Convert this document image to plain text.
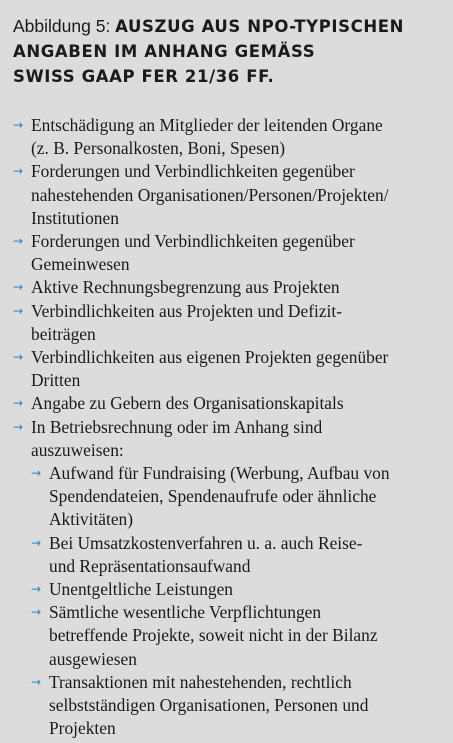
Abbildung 5: AUSZUG AUS NPO-TYPISCHEN
ANGABEN IM ANHANG GEMÄSS
SWISS GAAP FER 21/36 FF.
→ Entschädigung an Mitglieder der leitenden Organe
(z. B. Personalkosten, Boni, Spesen)
→ Forderungen und Verbindlichkeiten gegenüber
nahestehenden Organisationen/Personen/Projekten/
Institutionen
→ Forderungen und Verbindlichkeiten gegenüber
Gemeinwesen
→ Aktive Rechnungsbegrenzung aus Projekten
→ Verbindlichkeiten aus Projekten und Defizit-
beiträgen
→ Verbindlichkeiten aus eigenen Projekten gegenüber
Dritten
→ Angabe zu Gebern des Organisationskapitals
→ In Betriebsrechnung oder im Anhang sind
auszuweisen:
→ Aufwand für Fundraising (Werbung, Aufbau von
Spendendateien, Spendenaufrufe oder ähnliche
Aktivitäten)
→ Bei Umsatzkostenverfahren u. a. auch Reise-
und Repräsentationsaufwand
→ Unentgeltliche Leistungen
→ Sämtliche wesentliche Verpflichtungen
betreffende Projekte, soweit nicht in der Bilanz
ausgewiesen
→ Transaktionen mit nahestehenden, rechtlich
selbstständigen Organisationen, Personen und
Projekten
